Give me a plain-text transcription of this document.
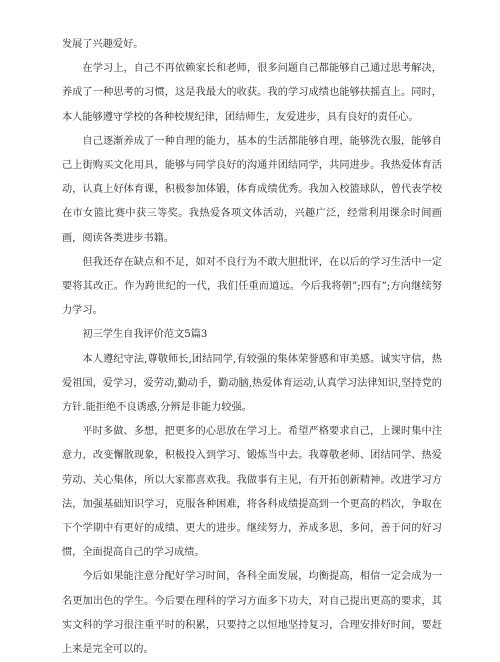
发展了兴趣爱好。

在学习上，自己不再依赖家长和老师，很多问题自己都能够自己通过思考解决，养成了一种思考的习惯，这是我最大的收获。我的学习成绩也能够扶摇直上。同时，本人能够遵守学校的各种校规纪律，团结师生，友爱进步，具有良好的责任心。

自己逐渐养成了一种自理的能力，基本的生活都能够自理，能够洗衣服，能够自己上街购买文化用具，能够与同学良好的沟通并团结同学，共同进步。我热爱体育活动，认真上好体育课，积极参加体锻，体育成绩优秀。我加入校篮球队，曾代表学校在市女篮比赛中获三等奖。我热爱各项文体活动，兴趣广泛，经常利用课余时间画画，阅读各类进步书籍。

但我还存在缺点和不足，如对不良行为不敢大胆批评，在以后的学习生活中一定要将其改正。作为跨世纪的一代，我们任重而道远。今后我将朝”;四有”;方向继续努力学习。

初三学生自我评价范文5篇3

本人遵纪守法,尊敬师长,团结同学,有较强的集体荣誉感和审美感。诚实守信，热爱祖国，爱学习，爱劳动,勤动手，勤动脑,热爱体育运动,认真学习法律知识,坚持党的方针.能拒绝不良诱惑,分辨是非能力较强。

平时多做、多想，把更多的心思放在学习上。希望严格要求自己，上课时集中注意力，改变懈散现象，积极投入到学习、锻炼当中去。我尊敬老师、团结同学、热爱劳动、关心集体，所以大家都喜欢我。我做事有主见，有开拓创新精神。改进学习方法，加强基础知识学习，克服各种困难，将各科成绩提高到一个更高的档次，争取在下个学期中有更好的成绩、更大的进步。继续努力，养成多思，多问，善于问的好习惯，全面提高自己的学习成绩。

今后如果能注意分配好学习时间，各科全面发展，均衡提高，相信一定会成为一名更加出色的学生。今后要在理科的学习方面多下功夫，对自己提出更高的要求，其实文科的学习很注重平时的积累，只要持之以恒地坚持复习，合理安排好时间，要赶上来是完全可以的。
